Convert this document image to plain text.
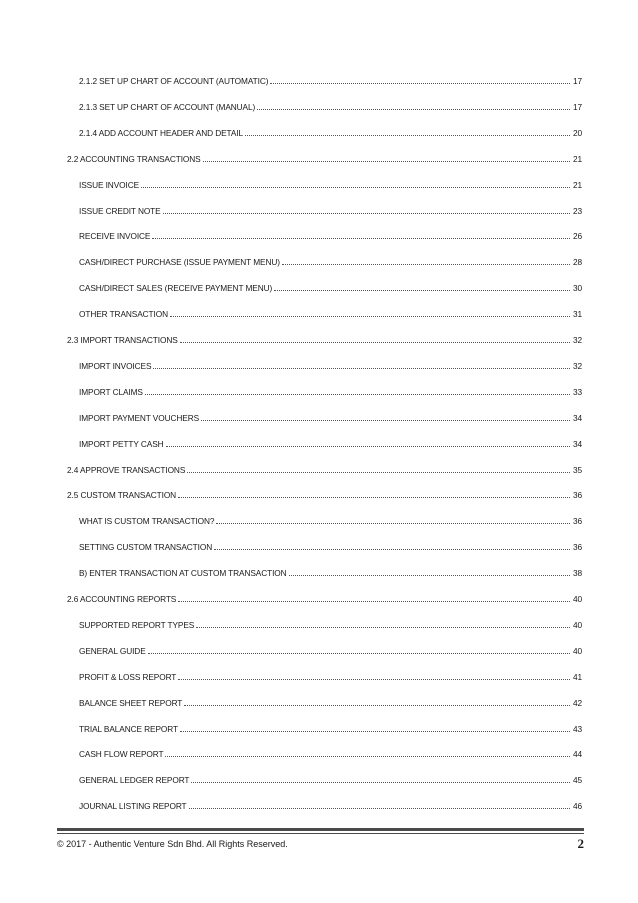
2.1.2 SET UP CHART OF ACCOUNT (AUTOMATIC)	17
2.1.3 SET UP CHART OF ACCOUNT (MANUAL)	17
2.1.4 ADD ACCOUNT HEADER AND DETAIL	20
2.2 ACCOUNTING TRANSACTIONS	21
ISSUE INVOICE	21
ISSUE CREDIT NOTE	23
RECEIVE INVOICE	26
CASH/DIRECT PURCHASE (ISSUE PAYMENT MENU)	28
CASH/DIRECT SALES (RECEIVE PAYMENT MENU)	30
OTHER TRANSACTION	31
2.3 IMPORT TRANSACTIONS	32
IMPORT INVOICES	32
IMPORT CLAIMS	33
IMPORT PAYMENT VOUCHERS	34
IMPORT PETTY CASH	34
2.4 APPROVE TRANSACTIONS	35
2.5 CUSTOM TRANSACTION	36
WHAT IS CUSTOM TRANSACTION?	36
SETTING CUSTOM TRANSACTION	36
B) ENTER TRANSACTION AT CUSTOM TRANSACTION	38
2.6 ACCOUNTING REPORTS	40
SUPPORTED REPORT TYPES	40
GENERAL GUIDE	40
PROFIT & LOSS REPORT	41
BALANCE SHEET REPORT	42
TRIAL BALANCE REPORT	43
CASH FLOW REPORT	44
GENERAL LEDGER REPORT	45
JOURNAL LISTING REPORT	46
© 2017 - Authentic Venture Sdn Bhd. All Rights Reserved.	2
